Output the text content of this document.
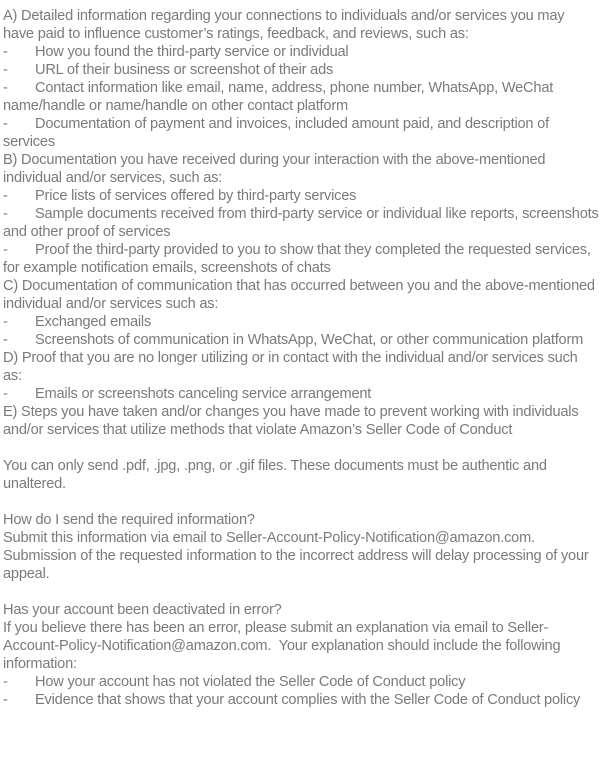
A) Detailed information regarding your connections to individuals and/or services you may have paid to influence customer’s ratings, feedback, and reviews, such as:

- How you found the third-party service or individual

- URL of their business or screenshot of their ads

- Contact information like email, name, address, phone number, WhatsApp, WeChat name/handle or name/handle on other contact platform

- Documentation of payment and invoices, included amount paid, and description of services

B) Documentation you have received during your interaction with the above-mentioned individual and/or services, such as:

- Price lists of services offered by third-party services

- Sample documents received from third-party service or individual like reports, screenshots and other proof of services

- Proof the third-party provided to you to show that they completed the requested services, for example notification emails, screenshots of chats

C) Documentation of communication that has occurred between you and the above-mentioned individual and/or services such as:

- Exchanged emails

- Screenshots of communication in WhatsApp, WeChat, or other communication platform

D) Proof that you are no longer utilizing or in contact with the individual and/or services such as:

- Emails or screenshots canceling service arrangement

E) Steps you have taken and/or changes you have made to prevent working with individuals and/or services that utilize methods that violate Amazon’s Seller Code of Conduct

You can only send .pdf, .jpg, .png, or .gif files. These documents must be authentic and unaltered.

How do I send the required information?

Submit this information via email to Seller-Account-Policy-Notification@amazon.com. Submission of the requested information to the incorrect address will delay processing of your appeal.

Has your account been deactivated in error?

If you believe there has been an error, please submit an explanation via email to Seller-Account-Policy-Notification@amazon.com.  Your explanation should include the following information:

- How your account has not violated the Seller Code of Conduct policy

- Evidence that shows that your account complies with the Seller Code of Conduct policy
